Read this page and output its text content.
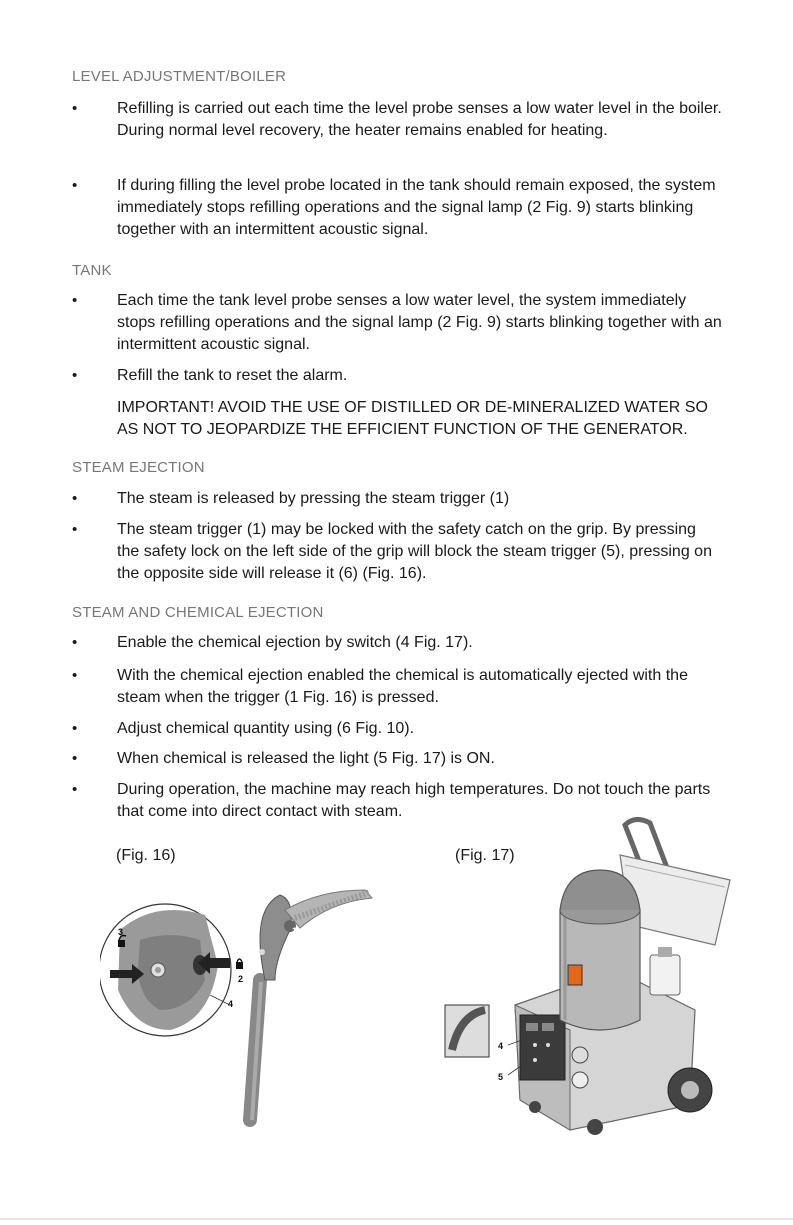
LEVEL ADJUSTMENT/BOILER
• Refilling is carried out each time the level probe senses a low water level in the boiler. During normal level recovery, the heater remains enabled for heating.
• If during filling the level probe located in the tank should remain exposed, the system immediately stops refilling operations and the signal lamp (2 Fig. 9) starts blinking together with an intermittent acoustic signal.
TANK
• Each time the tank level probe senses a low water level, the system immediately stops refilling operations and the signal lamp (2 Fig. 9) starts blinking together with an intermittent acoustic signal.
• Refill the tank to reset the alarm.
IMPORTANT! AVOID THE USE OF DISTILLED OR DE-MINERALIZED WATER SO AS NOT TO JEOPARDIZE THE EFFICIENT FUNCTION OF THE GENERATOR.
STEAM EJECTION
• The steam is released by pressing the steam trigger (1)
• The steam trigger (1) may be locked with the safety catch on the grip. By pressing the safety lock on the left side of the grip will block the steam trigger (5), pressing on the opposite side will release it (6) (Fig. 16).
STEAM AND CHEMICAL EJECTION
• Enable the chemical ejection by switch (4 Fig. 17).
• With the chemical ejection enabled the chemical is automatically ejected with the steam when the trigger (1 Fig. 16) is pressed.
• Adjust chemical quantity using (6 Fig. 10).
• When chemical is released the light (5 Fig. 17) is ON.
• During operation, the machine may reach high temperatures. Do not touch the parts that come into direct contact with steam.
(Fig. 16)	(Fig. 17)
3
2
4
1
4
5
